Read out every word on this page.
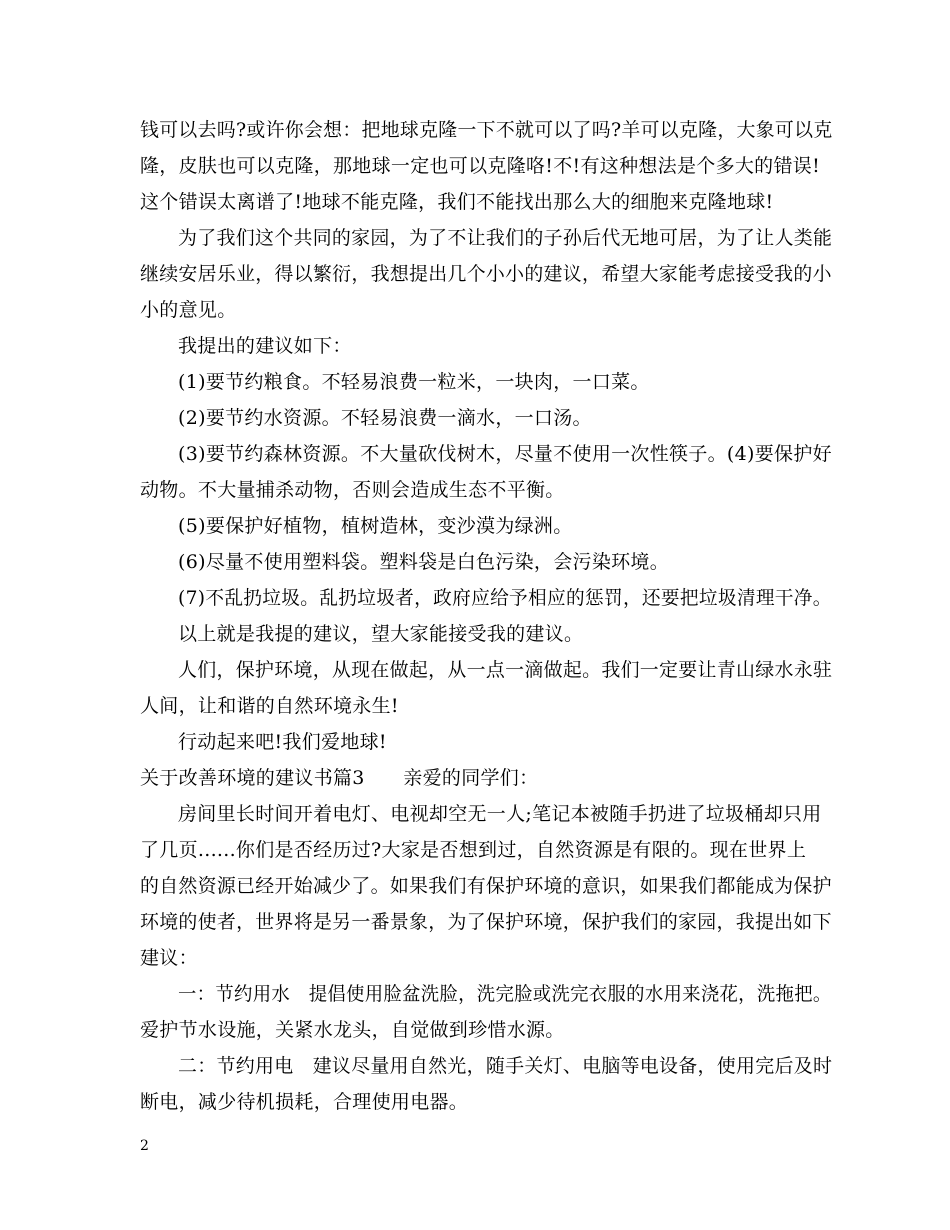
钱可以去吗?或许你会想：把地球克隆一下不就可以了吗?羊可以克隆，大象可以克
隆，皮肤也可以克隆，那地球一定也可以克隆咯!不!有这种想法是个多大的错误!
这个错误太离谱了!地球不能克隆，我们不能找出那么大的细胞来克隆地球!
为了我们这个共同的家园，为了不让我们的子孙后代无地可居，为了让人类能
继续安居乐业，得以繁衍，我想提出几个小小的建议，希望大家能考虑接受我的小
小的意见。
我提出的建议如下：
(1)要节约粮食。不轻易浪费一粒米，一块肉，一口菜。
(2)要节约水资源。不轻易浪费一滴水，一口汤。
(3)要节约森林资源。不大量砍伐树木，尽量不使用一次性筷子。(4)要保护好
动物。不大量捕杀动物，否则会造成生态不平衡。
(5)要保护好植物，植树造林，变沙漠为绿洲。
(6)尽量不使用塑料袋。塑料袋是白色污染，会污染环境。
(7)不乱扔垃圾。乱扔垃圾者，政府应给予相应的惩罚，还要把垃圾清理干净。
以上就是我提的建议，望大家能接受我的建议。
人们，保护环境，从现在做起，从一点一滴做起。我们一定要让青山绿水永驻
人间，让和谐的自然环境永生!
行动起来吧!我们爱地球!
关于改善环境的建议书篇3　　亲爱的同学们：
房间里长时间开着电灯、电视却空无一人;笔记本被随手扔进了垃圾桶却只用
了几页......你们是否经历过?大家是否想到过，自然资源是有限的。现在世界上
的自然资源已经开始减少了。如果我们有保护环境的意识，如果我们都能成为保护
环境的使者，世界将是另一番景象，为了保护环境，保护我们的家园，我提出如下
建议：
一：节约用水　提倡使用脸盆洗脸，洗完脸或洗完衣服的水用来浇花，洗拖把。
爱护节水设施，关紧水龙头，自觉做到珍惜水源。
二：节约用电　建议尽量用自然光，随手关灯、电脑等电设备，使用完后及时
断电，减少待机损耗，合理使用电器。
2
